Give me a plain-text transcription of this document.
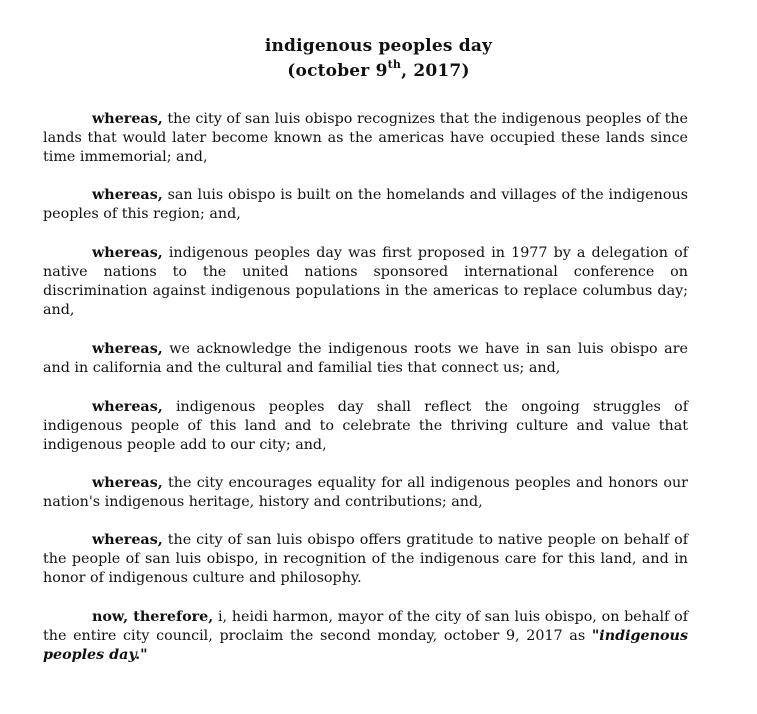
indigenous peoples day
(october 9th, 2017)
whereas, the city of san luis obispo recognizes that the indigenous peoples of the lands that would later become known as the americas have occupied these lands since time immemorial; and,
whereas, san luis obispo is built on the homelands and villages of the indigenous peoples of this region; and,
whereas, indigenous peoples day was first proposed in 1977 by a delegation of native nations to the united nations sponsored international conference on discrimination against indigenous populations in the americas to replace columbus day; and,
whereas, we acknowledge the indigenous roots we have in san luis obispo are and in california and the cultural and familial ties that connect us; and,
whereas, indigenous peoples day shall reflect the ongoing struggles of indigenous people of this land and to celebrate the thriving culture and value that indigenous people add to our city; and,
whereas, the city encourages equality for all indigenous peoples and honors our nation's indigenous heritage, history and contributions; and,
whereas, the city of san luis obispo offers gratitude to native people on behalf of the people of san luis obispo, in recognition of the indigenous care for this land, and in honor of indigenous culture and philosophy.
now, therefore, i, heidi harmon, mayor of the city of san luis obispo, on behalf of the entire city council, proclaim the second monday, october 9, 2017 as "indigenous peoples day."
